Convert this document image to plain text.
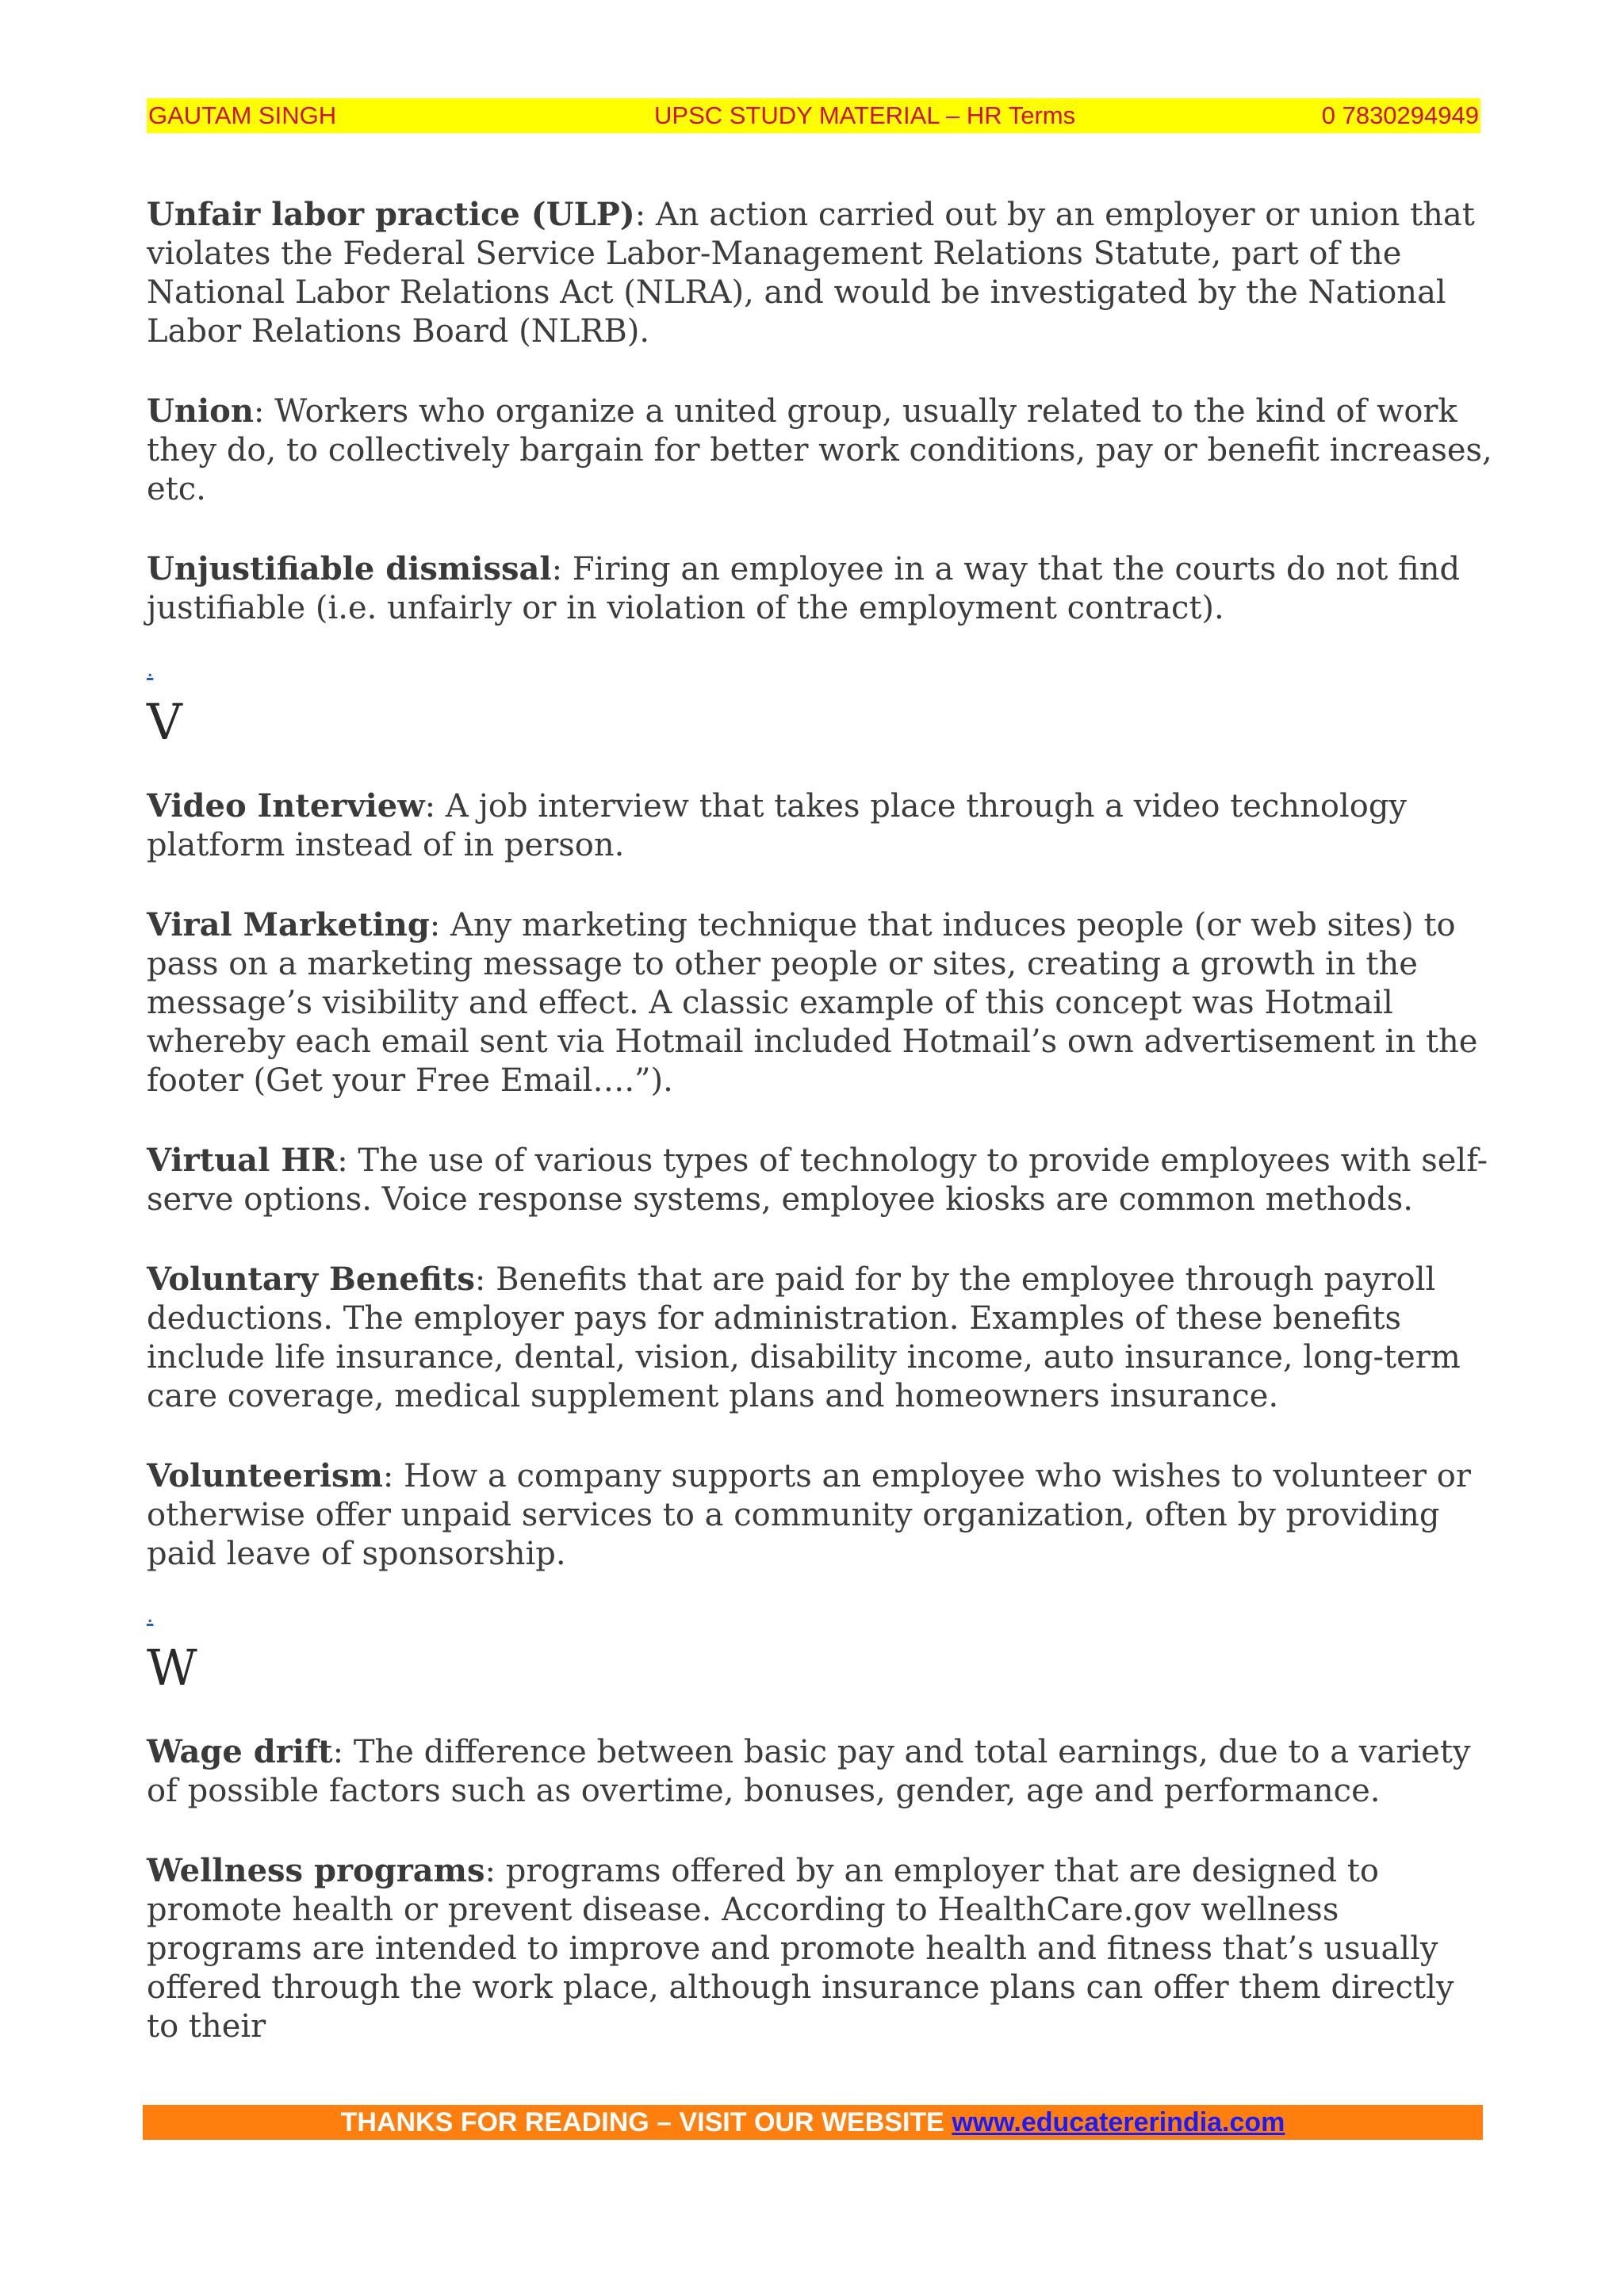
GAUTAM SINGH	UPSC STUDY MATERIAL – HR Terms	0 7830294949

Unfair labor practice (ULP): An action carried out by an employer or union that violates the Federal Service Labor-Management Relations Statute, part of the National Labor Relations Act (NLRA), and would be investigated by the National Labor Relations Board (NLRB).

Union: Workers who organize a united group, usually related to the kind of work they do, to collectively bargain for better work conditions, pay or benefit increases, etc.

Unjustifiable dismissal: Firing an employee in a way that the courts do not find justifiable (i.e. unfairly or in violation of the employment contract).

.
V

Video Interview: A job interview that takes place through a video technology platform instead of in person.

Viral Marketing: Any marketing technique that induces people (or web sites) to pass on a marketing message to other people or sites, creating a growth in the message’s visibility and effect. A classic example of this concept was Hotmail whereby each email sent via Hotmail included Hotmail’s own advertisement in the footer (Get your Free Email….”).

Virtual HR: The use of various types of technology to provide employees with self-serve options. Voice response systems, employee kiosks are common methods.

Voluntary Benefits: Benefits that are paid for by the employee through payroll deductions. The employer pays for administration. Examples of these benefits include life insurance, dental, vision, disability income, auto insurance, long-term care coverage, medical supplement plans and homeowners insurance.

Volunteerism: How a company supports an employee who wishes to volunteer or otherwise offer unpaid services to a community organization, often by providing paid leave of sponsorship.

.
W

Wage drift: The difference between basic pay and total earnings, due to a variety of possible factors such as overtime, bonuses, gender, age and performance.

Wellness programs: programs offered by an employer that are designed to promote health or prevent disease. According to HealthCare.gov wellness programs are intended to improve and promote health and fitness that’s usually offered through the work place, although insurance plans can offer them directly to their

THANKS FOR READING – VISIT OUR WEBSITE www.educatererindia.com
